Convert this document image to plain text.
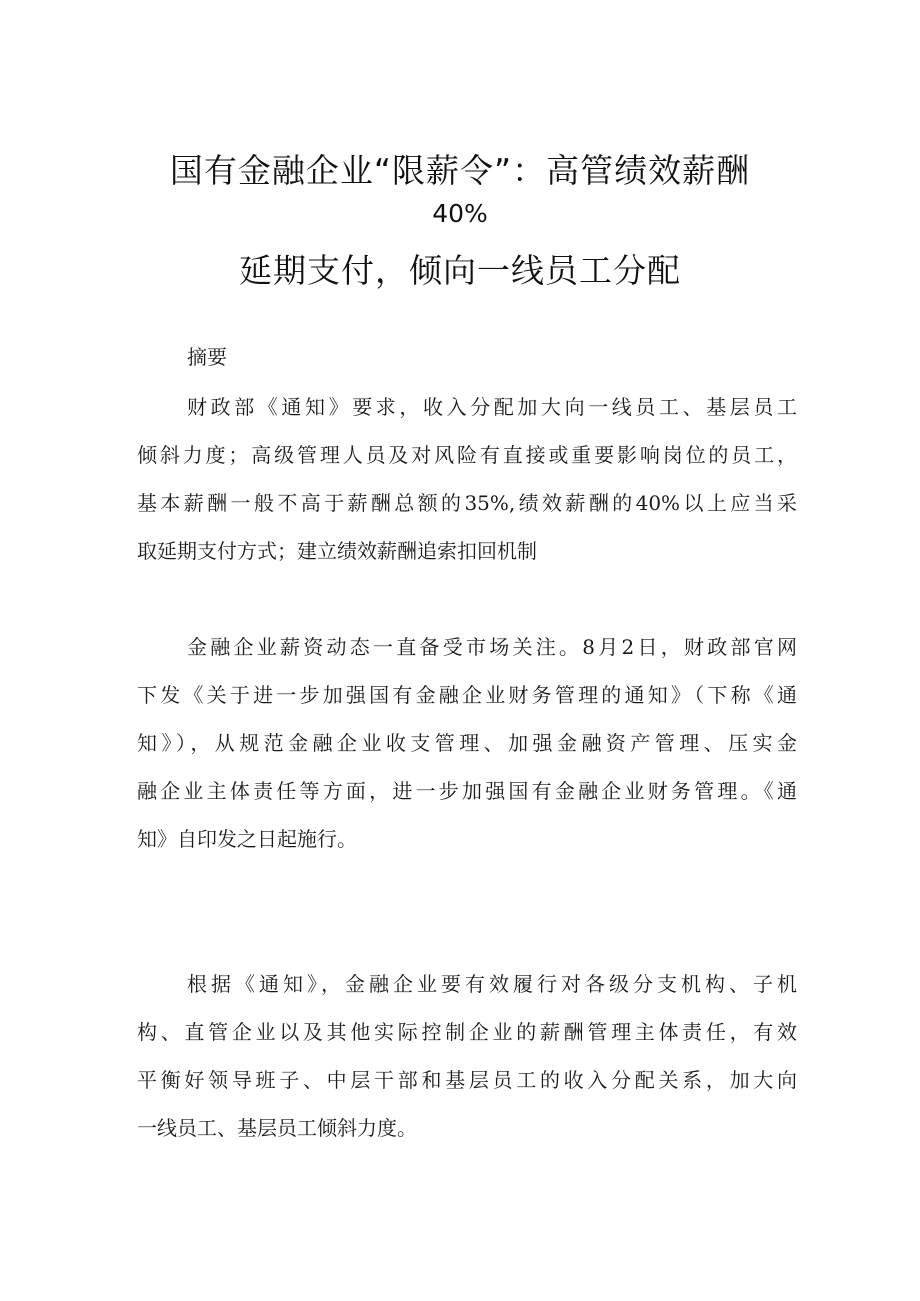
国有金融企业“限薪令”：高管绩效薪酬
40%
延期支付，倾向一线员工分配
摘要
财政部《通知》要求，收入分配加大向一线员工、基层员工
倾斜力度；高级管理人员及对风险有直接或重要影响岗位的员工，
基本薪酬一般不高于薪酬总额的35%,绩效薪酬的40%以上应当采
取延期支付方式；建立绩效薪酬追索扣回机制
金融企业薪资动态一直备受市场关注。8月2日，财政部官网
下发《关于进一步加强国有金融企业财务管理的通知》（下称《通
知》），从规范金融企业收支管理、加强金融资产管理、压实金
融企业主体责任等方面，进一步加强国有金融企业财务管理。《通
知》自印发之日起施行。
根据《通知》，金融企业要有效履行对各级分支机构、子机
构、直管企业以及其他实际控制企业的薪酬管理主体责任，有效
平衡好领导班子、中层干部和基层员工的收入分配关系，加大向
一线员工、基层员工倾斜力度。
